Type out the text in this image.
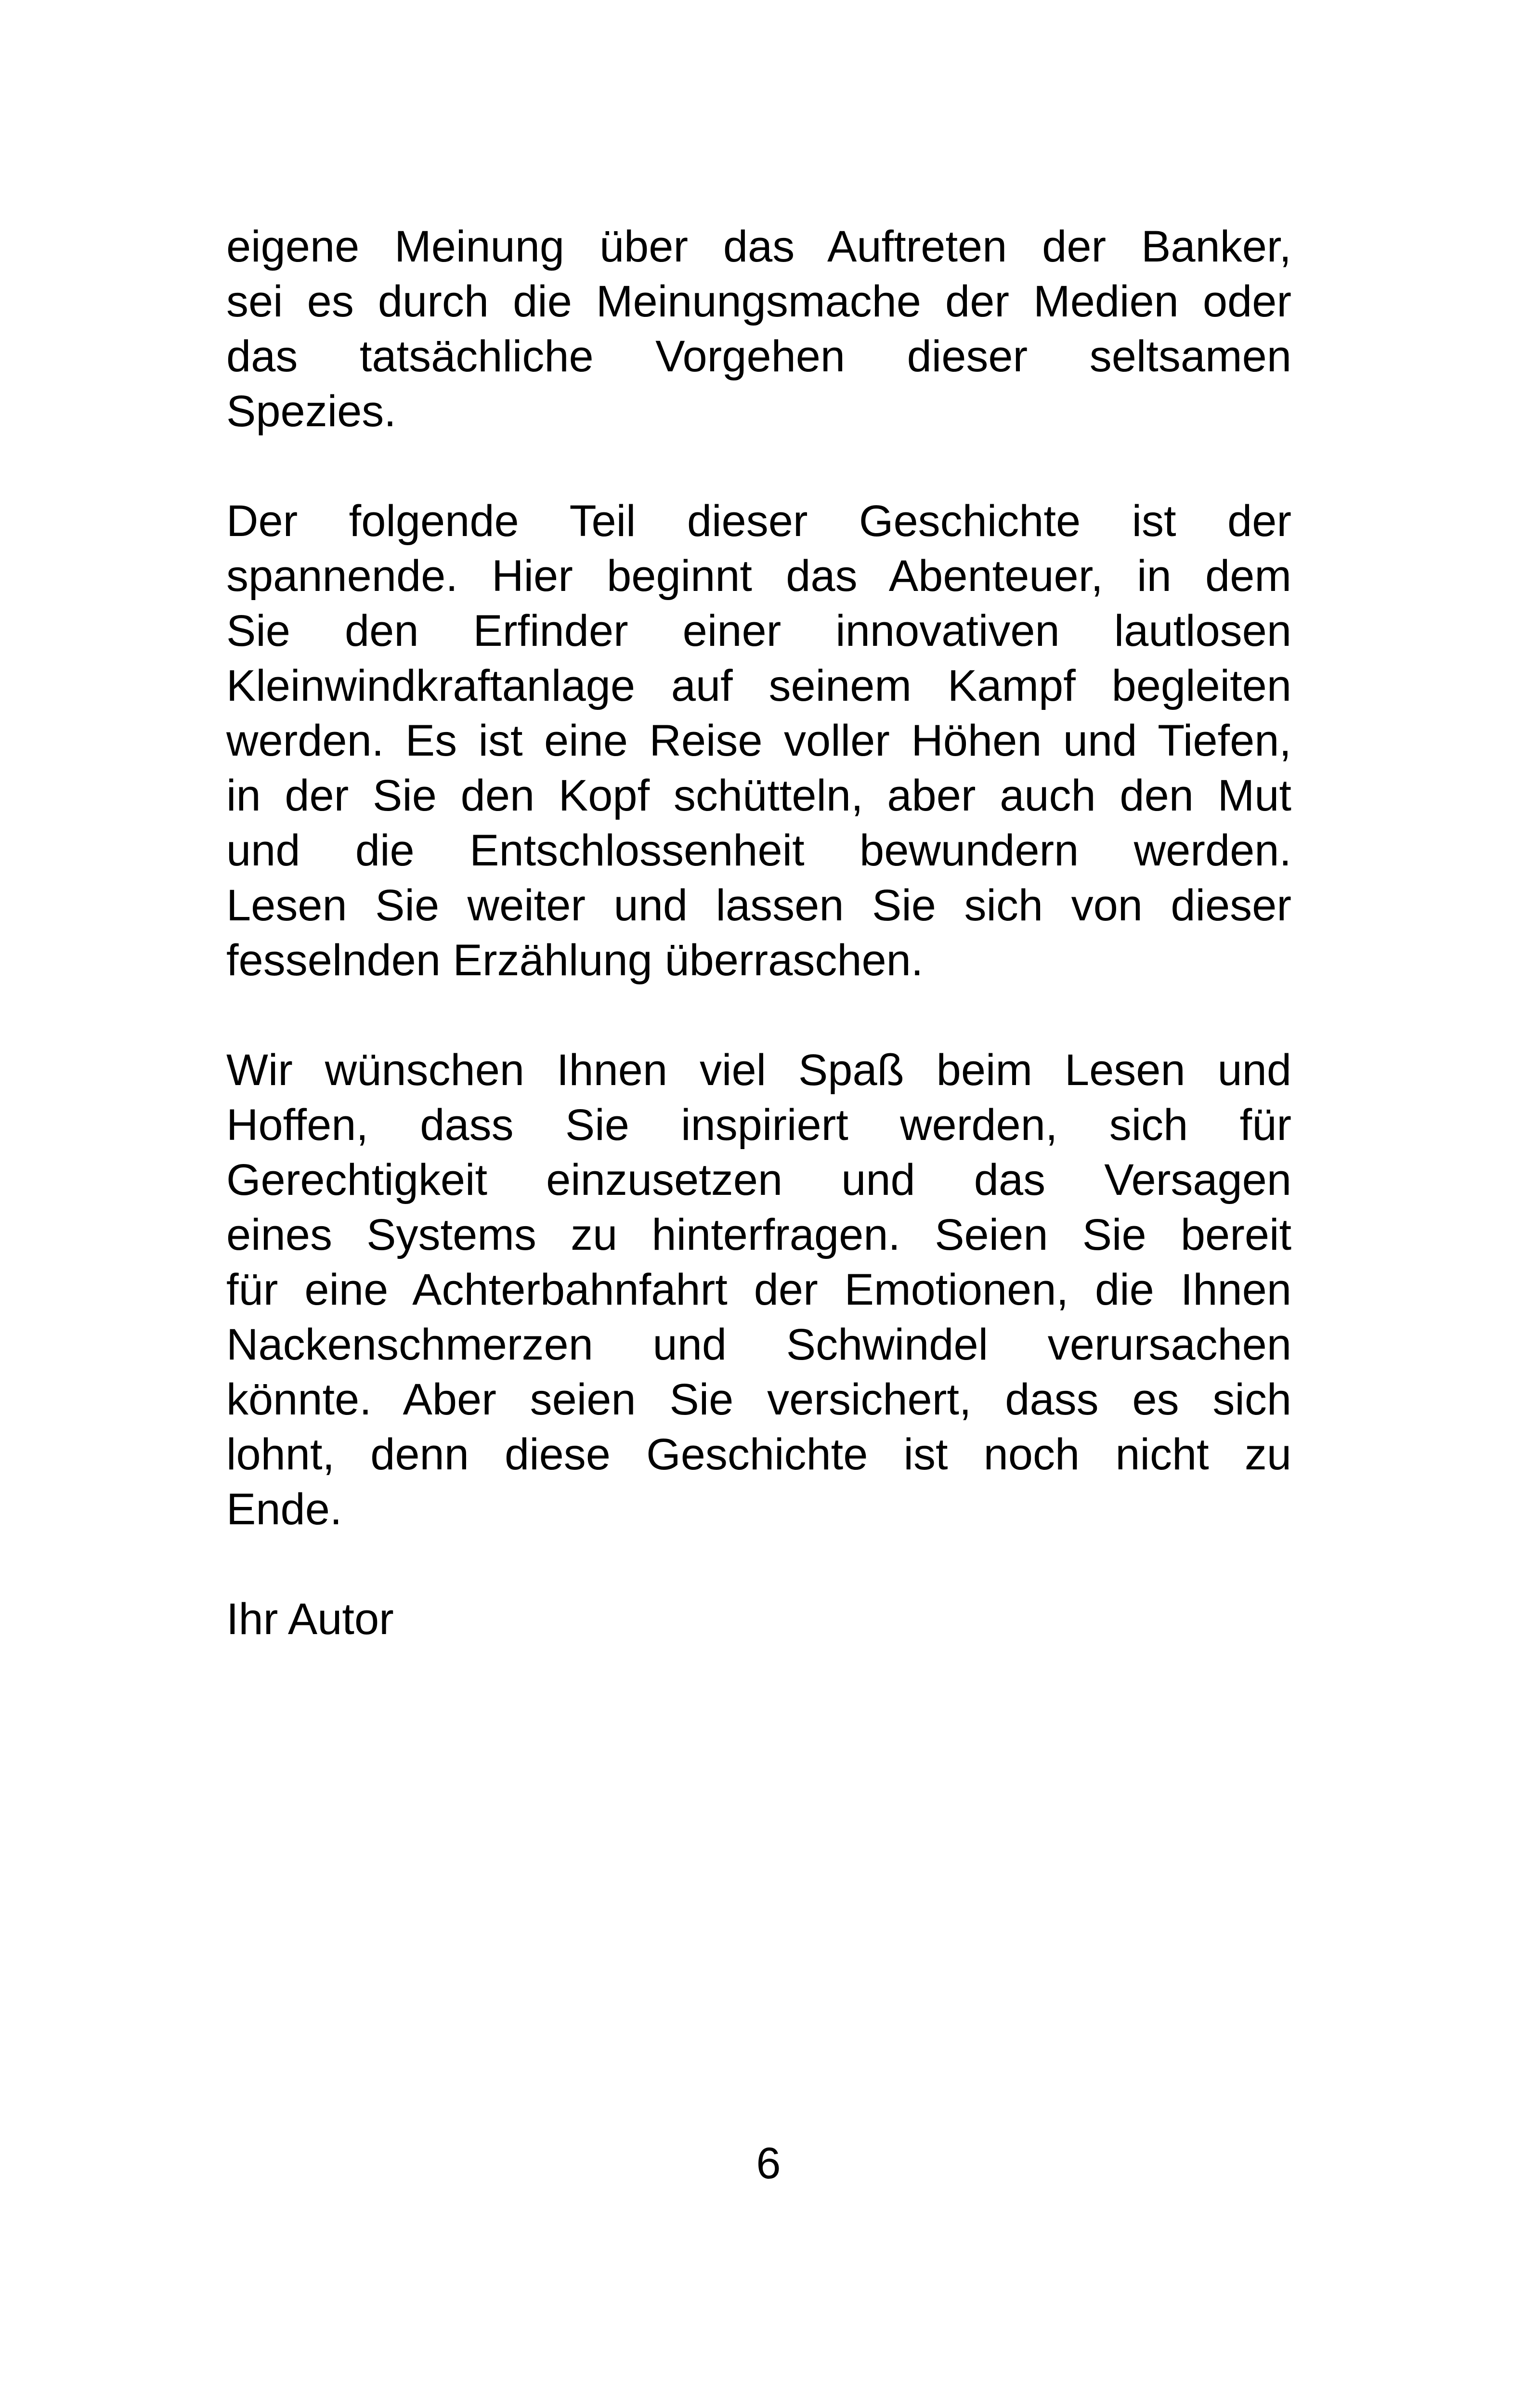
eigene Meinung über das Auftreten der Banker,
sei es durch die Meinungsmache der Medien oder
das tatsächliche Vorgehen dieser seltsamen
Spezies.

Der folgende Teil dieser Geschichte ist der
spannende. Hier beginnt das Abenteuer, in dem
Sie den Erfinder einer innovativen lautlosen
Kleinwindkraftanlage auf seinem Kampf begleiten
werden. Es ist eine Reise voller Höhen und Tiefen,
in der Sie den Kopf schütteln, aber auch den Mut
und die Entschlossenheit bewundern werden.
Lesen Sie weiter und lassen Sie sich von dieser
fesselnden Erzählung überraschen.

Wir wünschen Ihnen viel Spaß beim Lesen und
Hoffen, dass Sie inspiriert werden, sich für
Gerechtigkeit einzusetzen und das Versagen
eines Systems zu hinterfragen. Seien Sie bereit
für eine Achterbahnfahrt der Emotionen, die Ihnen
Nackenschmerzen und Schwindel verursachen
könnte. Aber seien Sie versichert, dass es sich
lohnt, denn diese Geschichte ist noch nicht zu
Ende.

Ihr Autor

6
